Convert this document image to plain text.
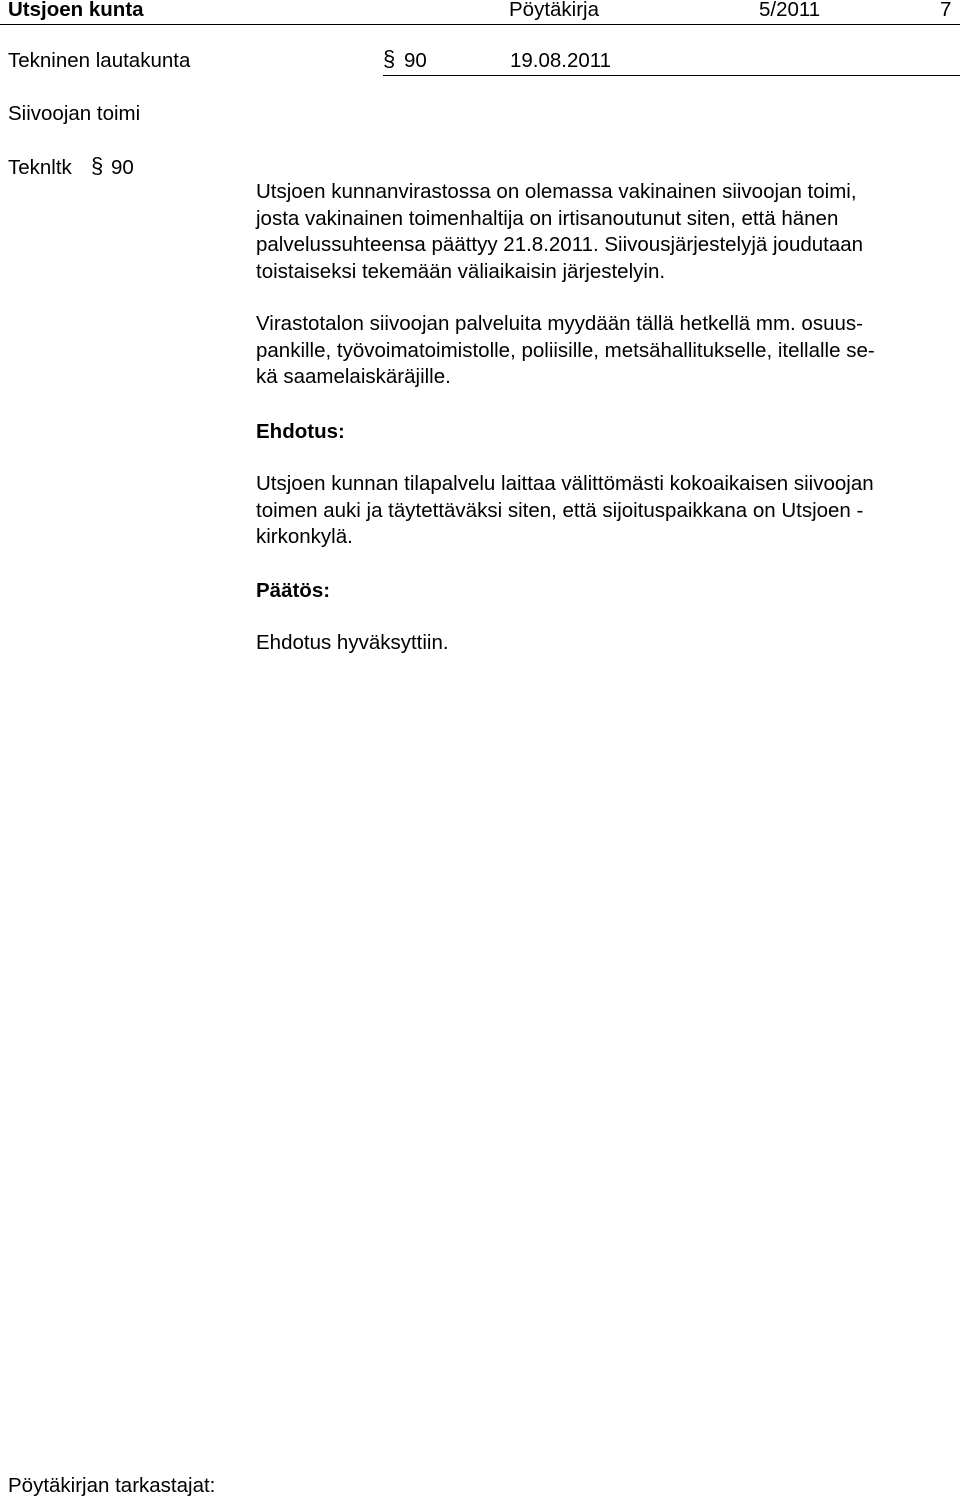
Utsjoen kunta	Pöytäkirja	5/2011	7
Tekninen lautakunta	§ 90	19.08.2011
Siivoojan toimi
Teknltk § 90
Utsjoen kunnanvirastossa on olemassa vakinainen siivoojan toimi,
josta vakinainen toimenhaltija on irtisanoutunut siten, että hänen
palvelussuhteensa päättyy 21.8.2011. Siivousjärjestelyjä joudutaan
toistaiseksi tekemään väliaikaisin järjestelyin.
Virastotalon siivoojan palveluita myydään tällä hetkellä mm. osuus-
pankille, työvoimatoimistolle, poliisille, metsähallitukselle, itellalle se-
kä saamelaiskäräjille.
Ehdotus:
Utsjoen kunnan tilapalvelu laittaa välittömästi kokoaikaisen siivoojan
toimen auki ja täytettäväksi siten, että sijoituspaikkana on Utsjoen -
kirkonkylä.
Päätös:
Ehdotus hyväksyttiin.
Pöytäkirjan tarkastajat:
